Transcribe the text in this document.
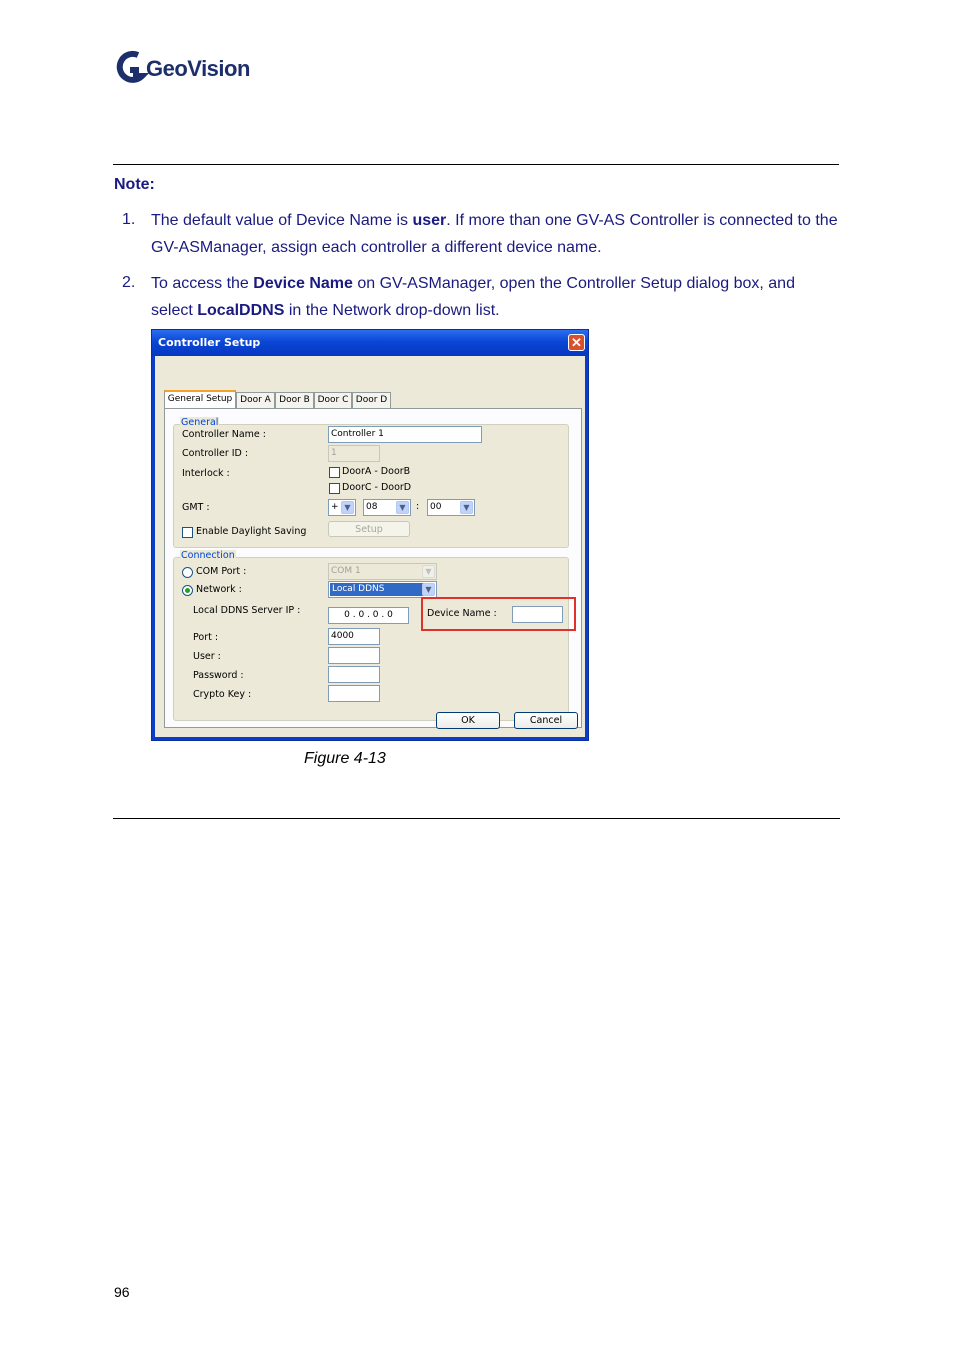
GeoVision
Note:
1. The default value of Device Name is user. If more than one GV-AS Controller is connected to the GV-ASManager, assign each controller a different device name.
2. To access the Device Name on GV-ASManager, open the Controller Setup dialog box, and select LocalDDNS in the Network drop-down list.
Controller Setup	✕
General Setup Door A Door B Door C Door D
General
Controller Name :	Controller 1
Controller ID :	1
Interlock :	DoorA - DoorB
DoorC - DoorD
GMT :	+ ▼	08	▼	:	00	▼
Enable Daylight Saving	Setup
Connection
COM Port :	COM 1	▼
Network :	Local DDNS	▼
Local DDNS Server IP :	0 . 0 . 0 . 0	Device Name :
Port :	4000
User :
Password :
Crypto Key :
OK	Cancel
Figure 4-13
96
